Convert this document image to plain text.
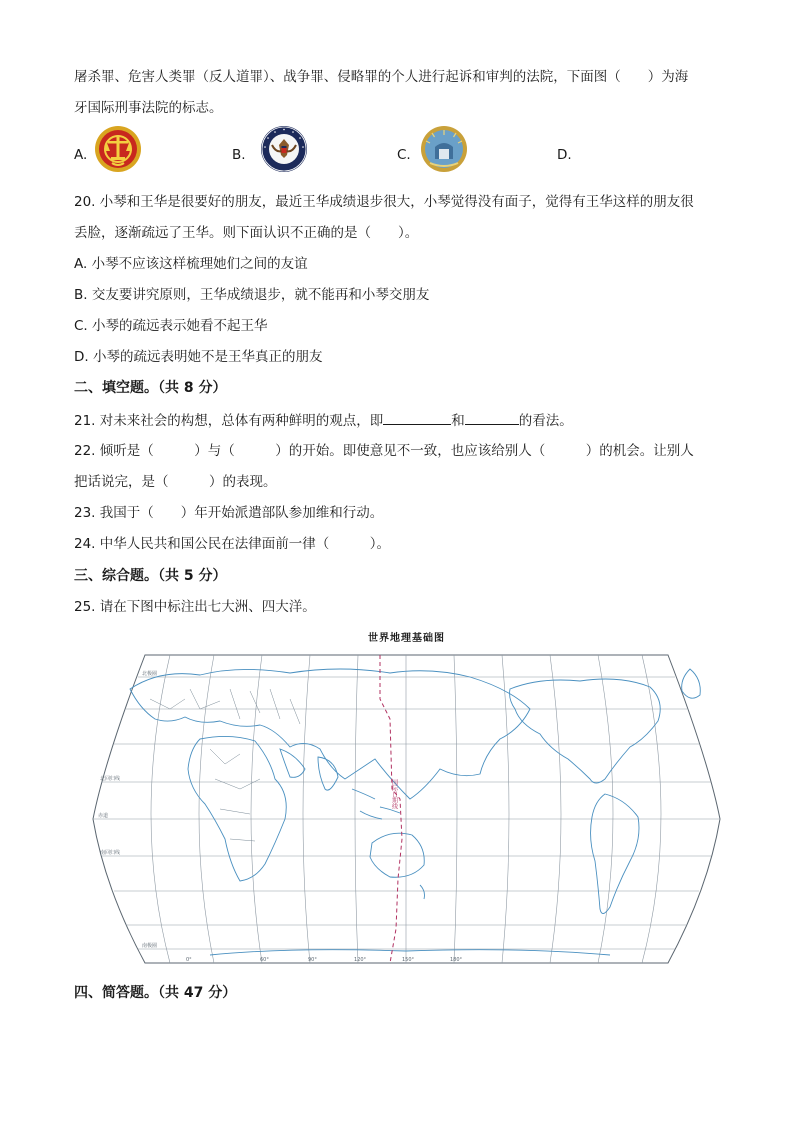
屠杀罪、危害人类罪（反人道罪）、战争罪、侵略罪的个人进行起诉和审判的法院，下面图（　　）为海
牙国际刑事法院的标志。
A.	B.	C.	D.
20. 小琴和王华是很要好的朋友，最近王华成绩退步很大，小琴觉得没有面子，觉得有王华这样的朋友很
丢脸，逐渐疏远了王华。则下面认识不正确的是（　　）。
A. 小琴不应该这样梳理她们之间的友谊
B. 交友要讲究原则，王华成绩退步，就不能再和小琴交朋友
C. 小琴的疏远表示她看不起王华
D. 小琴的疏远表明她不是王华真正的朋友
二、填空题。（共 8 分）
21. 对未来社会的构想，总体有两种鲜明的观点，即	和	的看法。
22. 倾听是（　　　）与（　　　）的开始。即使意见不一致，也应该给别人（　　　）的机会。让别人
把话说完，是（　　　）的表现。
23. 我国于（　　）年开始派遣部队参加维和行动。
24. 中华人民共和国公民在法律面前一律（　　　）。
三、综合题。（共 5 分）
25. 请在下图中标注出七大洲、四大洋。
世界地理基础图
国际日期线
北极圈
北回归线
赤道
南回归线
南极圈
0°	60°	90°	120°	150°	180°
四、简答题。（共 47 分）
